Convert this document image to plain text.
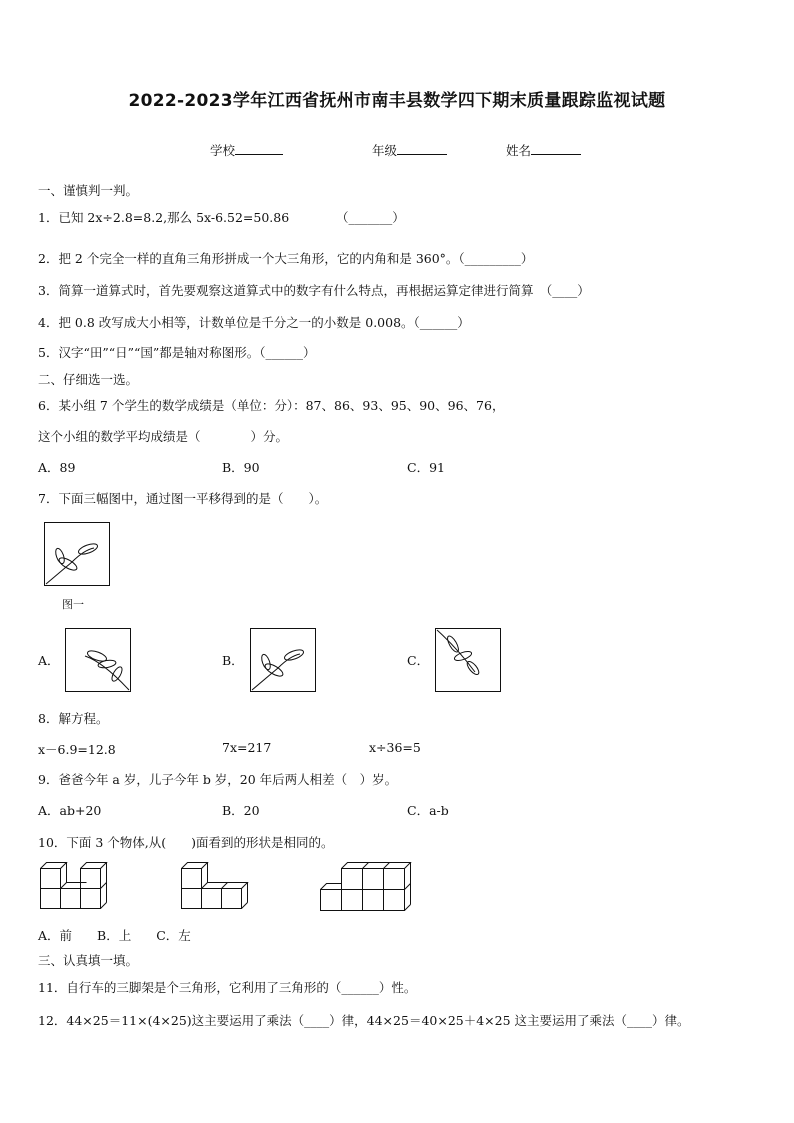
2022-2023学年江西省抚州市南丰县数学四下期末质量跟踪监视试题
学校	年级	姓名
一、谨慎判一判。
1．已知 2x÷2.8=8.2,那么 5x-6.52=50.86	（_______）
2．把 2 个完全一样的直角三角形拼成一个大三角形，它的内角和是 360°。（_________）
3．简算一道算式时，首先要观察这道算式中的数字有什么特点，再根据运算定律进行简算　（____）
4．把 0.8 改写成大小相等，计数单位是千分之一的小数是 0.008。（______）
5．汉字“田”“日”“国”都是轴对称图形。（______）
二、仔细选一选。
6．某小组 7 个学生的数学成绩是（单位：分）：87、86、93、95、90、96、76，
这个小组的数学平均成绩是（　　　　）分。
A．89	B．90	C．91
7．下面三幅图中，通过图一平移得到的是（　　）。
图一
A．	B．	C．
8．解方程。
x－6.9=12.8	7x=217	x÷36=5
9．爸爸今年 a 岁，儿子今年 b 岁，20 年后两人相差（　）岁。
A．ab+20	B．20	C．a-b
10．下面 3 个物体,从(　　)面看到的形状是相同的。
A．前　　B．上　　C．左
三、认真填一填。
11．自行车的三脚架是个三角形，它利用了三角形的（______）性。
12．44×25＝11×(4×25)这主要运用了乘法（____）律，44×25＝40×25＋4×25 这主要运用了乘法（____）律。
